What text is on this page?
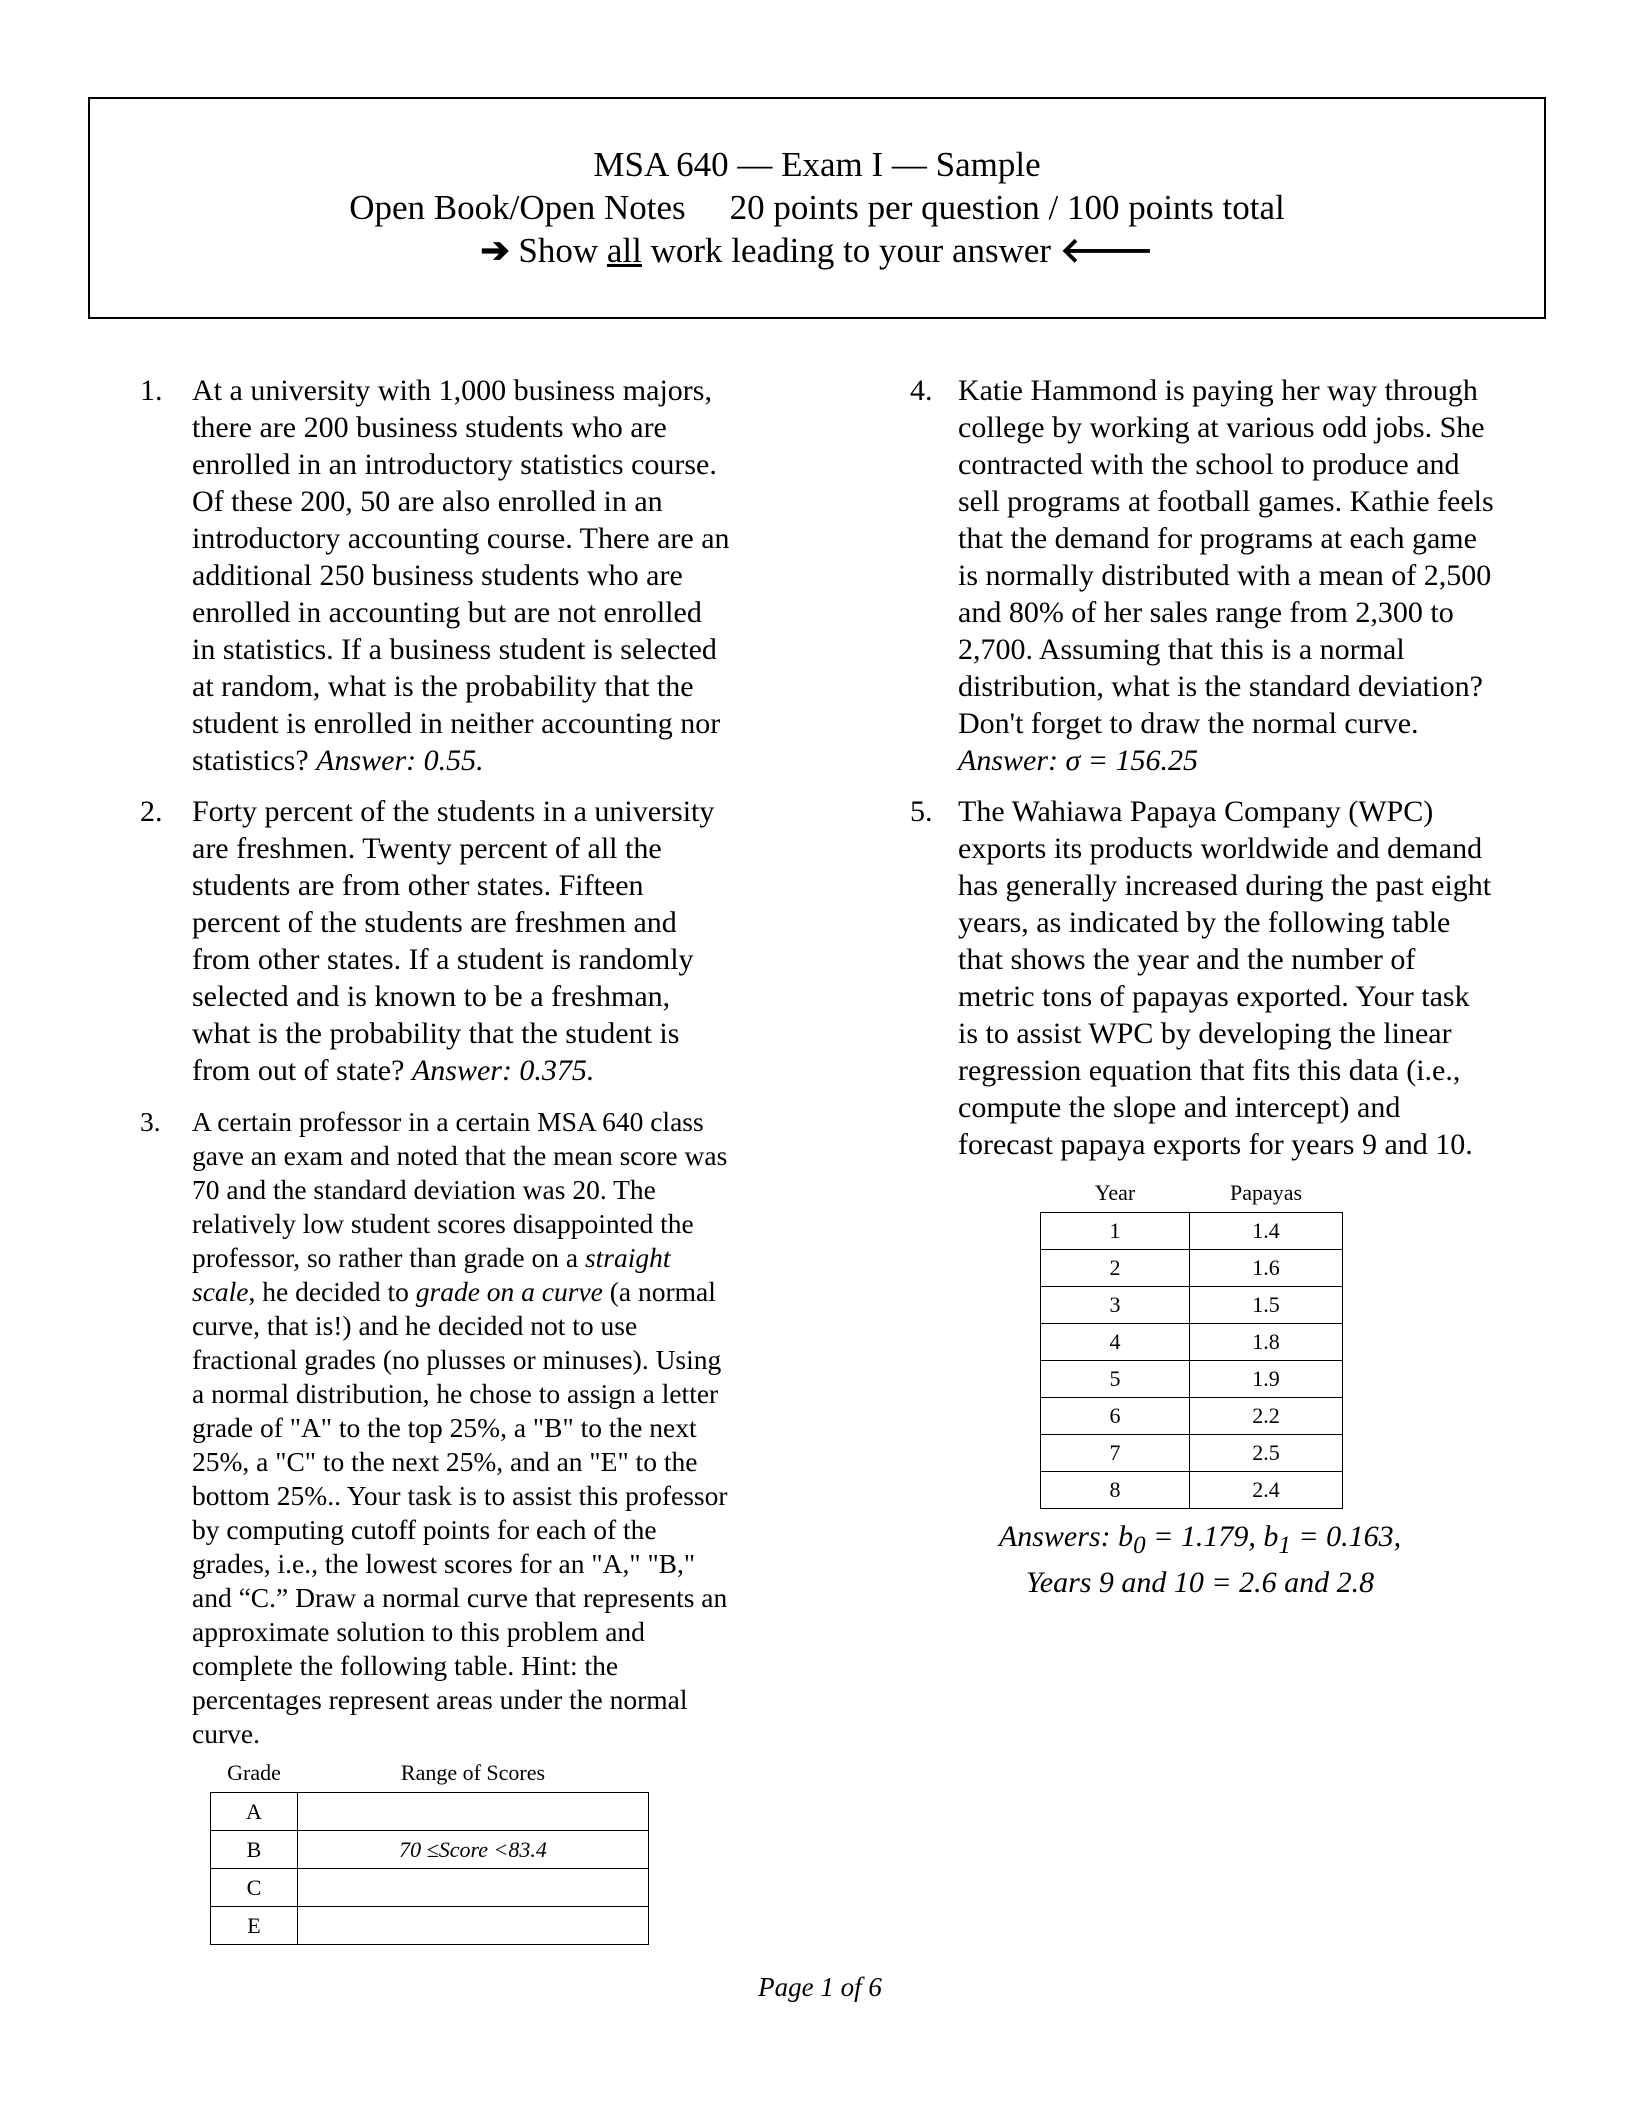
MSA 640 — Exam I — Sample
Open Book/Open Notes 20 points per question / 100 points total
➔ Show all work leading to your answer 🡐
1. At a university with 1,000 business majors,
there are 200 business students who are
enrolled in an introductory statistics course.
Of these 200, 50 are also enrolled in an
introductory accounting course. There are an
additional 250 business students who are
enrolled in accounting but are not enrolled
in statistics. If a business student is selected
at random, what is the probability that the
student is enrolled in neither accounting nor
statistics? Answer: 0.55.
2. Forty percent of the students in a university
are freshmen. Twenty percent of all the
students are from other states. Fifteen
percent of the students are freshmen and
from other states. If a student is randomly
selected and is known to be a freshman,
what is the probability that the student is
from out of state? Answer: 0.375.
3. A certain professor in a certain MSA 640 class
gave an exam and noted that the mean score was
70 and the standard deviation was 20. The
relatively low student scores disappointed the
professor, so rather than grade on a straight
scale, he decided to grade on a curve (a normal
curve, that is!) and he decided not to use
fractional grades (no plusses or minuses). Using
a normal distribution, he chose to assign a letter
grade of "A" to the top 25%, a "B" to the next
25%, a "C" to the next 25%, and an "E" to the
bottom 25%.. Your task is to assist this professor
by computing cutoff points for each of the
grades, i.e., the lowest scores for an "A," "B,"
and “C.” Draw a normal curve that represents an
approximate solution to this problem and
complete the following table. Hint: the
percentages represent areas under the normal
curve.
Grade	Range of Scores
A	
B	70 ≤Score <83.4
C	
E	
4. Katie Hammond is paying her way through
college by working at various odd jobs. She
contracted with the school to produce and
sell programs at football games. Kathie feels
that the demand for programs at each game
is normally distributed with a mean of 2,500
and 80% of her sales range from 2,300 to
2,700. Assuming that this is a normal
distribution, what is the standard deviation?
Don't forget to draw the normal curve.
Answer: σ = 156.25
5. The Wahiawa Papaya Company (WPC)
exports its products worldwide and demand
has generally increased during the past eight
years, as indicated by the following table
that shows the year and the number of
metric tons of papayas exported. Your task
is to assist WPC by developing the linear
regression equation that fits this data (i.e.,
compute the slope and intercept) and
forecast papaya exports for years 9 and 10.
Year	Papayas
1	1.4
2	1.6
3	1.5
4	1.8
5	1.9
6	2.2
7	2.5
8	2.4
Answers: $b_0 = 1.179$, $b_1 = 0.163$,
Years 9 and 10 = 2.6 and 2.8
Page 1 of 6
